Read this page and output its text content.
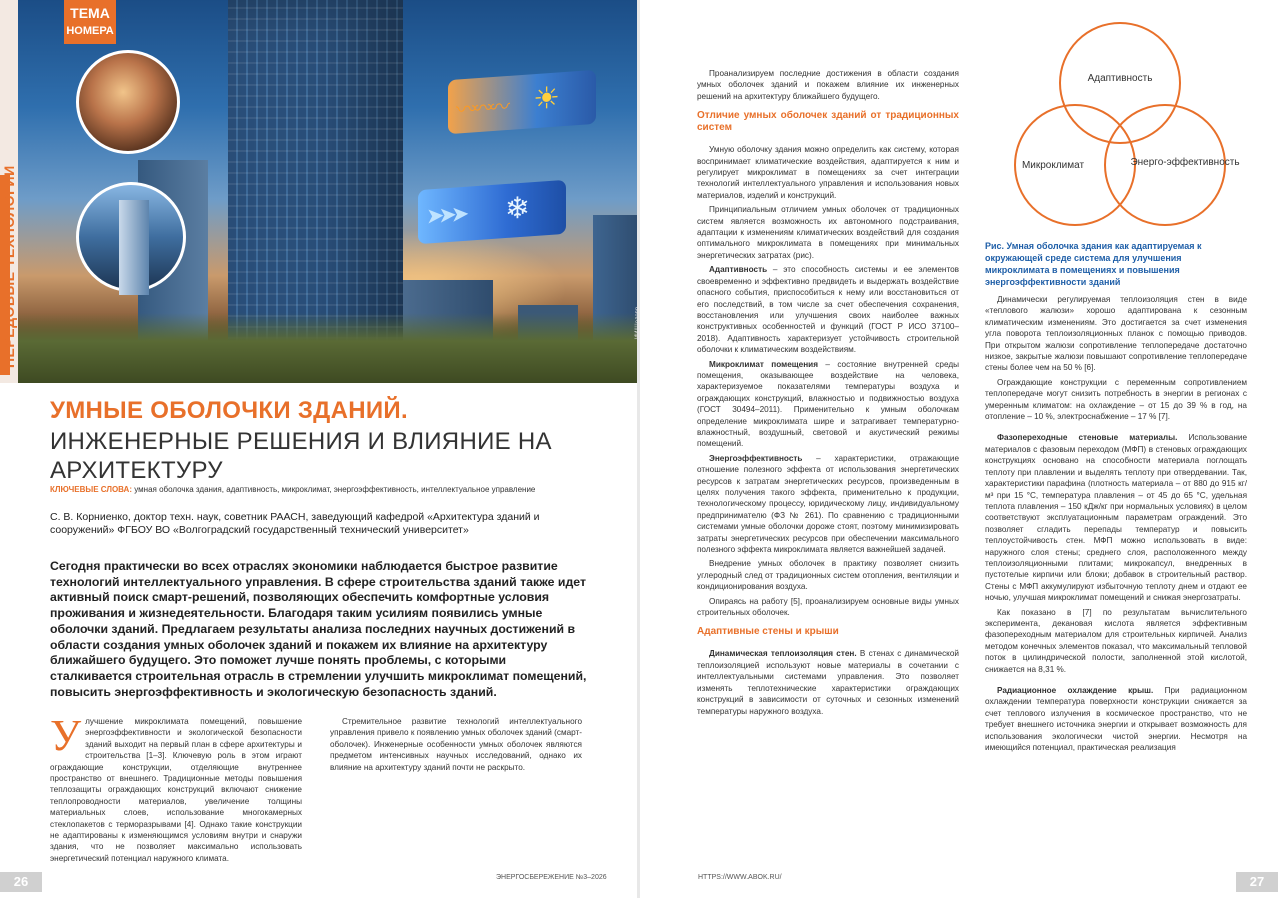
ПЕРЕДОВЫЕ ТЕХНОЛОГИИ
〰〰〰 ☀
➤➤➤ ❄
ТЕМА
НОМЕРА
УМНЫЕ ОБОЛОЧКИ ЗДАНИЙ.
ИНЖЕНЕРНЫЕ РЕШЕНИЯ И ВЛИЯНИЕ НА АРХИТЕКТУРУ
КЛЮЧЕВЫЕ СЛОВА: умная оболочка здания, адаптивность, микроклимат, энергоэффективность, интеллектуальное управление
С. В. Корниенко, доктор техн. наук, советник РААСН, заведующий кафедрой «Архитектура зданий и сооружений» ФГБОУ ВО «Волгоградский государственный технический университет»
Сегодня практически во всех отраслях экономики наблюдается быстрое развитие технологий интеллектуального управления. В сфере строительства зданий также идет активный поиск смарт-решений, позволяющих обеспечить комфортные условия проживания и жизнедеятельности. Благодаря таким усилиям появились умные оболочки зданий. Предлагаем результаты анализа последних научных достижений в области создания умных оболочек зданий и покажем их влияние на архитектуру ближайшего будущего. Это поможет лучше понять проблемы, с которыми сталкивается строительная отрасль в стремлении улучшить микроклимат помещений, повысить энергоэффективность и экологическую безопасность зданий.
У лучшение микроклимата помещений, повышение энергоэффективности и экологической безопасности зданий выходит на первый план в сфере архитектуры и строительства [1–3]. Ключевую роль в этом играют ограждающие конструкции, отделяющие внутреннее пространство от внешнего. Традиционные методы повышения теплозащиты ограждающих конструкций включают снижение теплопроводности материалов, увеличение толщины материальных слоев, использование многокамерных стеклопакетов с терморазрывами [4]. Однако такие конструкции не адаптированы к изменяющимся условиям внутри и снаружи здания, что не позволяет максимально использовать энергетический потенциал наружного климата.

Стремительное развитие технологий интеллектуального управления привело к появлению умных оболочек зданий (смарт-оболочек). Инженерные особенности умных оболочек являются предметом интенсивных научных исследований, однако их влияние на архитектуру зданий почти не раскрыто.

26	ЭНЕРГОСБЕРЕЖЕНИЕ №3–2026

Проанализируем последние достижения в области создания умных оболочек зданий и покажем влияние их инженерных решений на архитектуру ближайшего будущего.

Отличие умных оболочек зданий от традиционных систем

Умную оболочку здания можно определить как систему, которая воспринимает климатические воздействия, адаптируется к ним и регулирует микроклимат в помещениях за счет интеграции технологий интеллектуального управления и использования новых материалов, изделий и конструкций.

Принципиальным отличием умных оболочек от традиционных систем является возможность их автономного подстраивания, адаптации к изменениям климатических воздействий для создания оптимального микроклимата в помещениях при минимальных энергетических затратах (рис).

Адаптивность – это способность системы и ее элементов своевременно и эффективно предвидеть и выдержать воздействие опасного события, приспособиться к нему или восстановиться от его последствий, в том числе за счет обеспечения сохранения, восстановления или улучшения своих наиболее важных конструктивных особенностей и функций (ГОСТ Р ИСО 37100–2018). Адаптивность характеризует устойчивость строительной оболочки к климатическим воздействиям.

Микроклимат помещения – состояние внутренней среды помещения, оказывающее воздействие на человека, характеризуемое показателями температуры воздуха и ограждающих конструкций, влажностью и подвижностью воздуха (ГОСТ 30494–2011). Применительно к умным оболочкам определение микроклимата шире и затрагивает температурно-влажностный, воздушный, световой и акустический режимы помещений.

Энергоэффективность – характеристики, отражающие отношение полезного эффекта от использования энергетических ресурсов к затратам энергетических ресурсов, произведенным в целях получения такого эффекта, применительно к продукции, технологическому процессу, юридическому лицу, индивидуальному предпринимателю (ФЗ № 261). По сравнению с традиционными системами умные оболочки дороже стоят, поэтому минимизировать затраты энергетических ресурсов при обеспечении максимального полезного эффекта микроклимата является важнейшей задачей.

Внедрение умных оболочек в практику позволяет снизить углеродный след от традиционных систем отопления, вентиляции и кондиционирования воздуха.

Опираясь на работу [5], проанализируем основные виды умных строительных оболочек.

Адаптивные стены и крыши

Динамическая теплоизоляция стен. В стенах с динамической теплоизоляцией используют новые материалы в сочетании с интеллектуальными системами управления. Это позволяет изменять теплотехнические характеристики ограждающих конструкций в зависимости от суточных и сезонных изменений температуры наружного воздуха.

Адаптивность
Микроклимат	Энерго-эффективность
Рис. Умная оболочка здания как адаптируемая к окружающей среде система для улучшения микроклимата в помещениях и повышения энергоэффективности зданий

Динамически регулируемая теплоизоляция стен в виде «теплового жалюзи» хорошо адаптирована к сезонным климатическим изменениям. Это достигается за счет изменения угла поворота теплоизоляционных планок с помощью приводов. При открытом жалюзи сопротивление теплопередаче достаточно низкое, закрытые жалюзи повышают сопротивление теплопередаче стены более чем на 50 % [6].

Ограждающие конструкции с переменным сопротивлением теплопередаче могут снизить потребность в энергии в регионах с умеренным климатом: на охлаждение – от 15 до 39 % в год, на отопление – 10 %, электроснабжение – 17 % [7].

Фазопереходные стеновые материалы. Использование материалов с фазовым переходом (МФП) в стеновых ограждающих конструкциях основано на способности материала поглощать теплоту при плавлении и выделять теплоту при отвердевании. Так, характеристики парафина (плотность материала – от 880 до 915 кг/м³ при 15 °С, температура плавления – от 45 до 65 °С, удельная теплота плавления – 150 кДж/кг при нормальных условиях) в целом соответствуют эксплуатационным параметрам ограждений. Это позволяет сгладить перепады температур и повысить теплоустойчивость стен. МФП можно использовать в виде: наружного слоя стены; среднего слоя, расположенного между теплоизоляционными плитами; микрокапсул, внедренных в пустотелые кирпичи или блоки; добавок в строительный раствор. Стены с МФП аккумулируют избыточную теплоту днем и отдают ее ночью, улучшая микроклимат помещений и снижая энергозатраты.

Как показано в [7] по результатам вычислительного эксперимента, декановая кислота является эффективным фазопереходным материалом для строительных кирпичей. Анализ методом конечных элементов показал, что максимальный тепловой поток в цилиндрической полости, заполненной этой кислотой, снижается на 8,31 %.

Радиационное охлаждение крыш. При радиационном охлаждении температура поверхности конструкции снижается за счет теплового излучения в космическое пространство, что не требует внешнего источника энергии и открывает возможность для использования экологически чистой энергии. Несмотря на имеющийся потенциал, практическая реализация

HTTPS://WWW.ABOK.RU/	27
